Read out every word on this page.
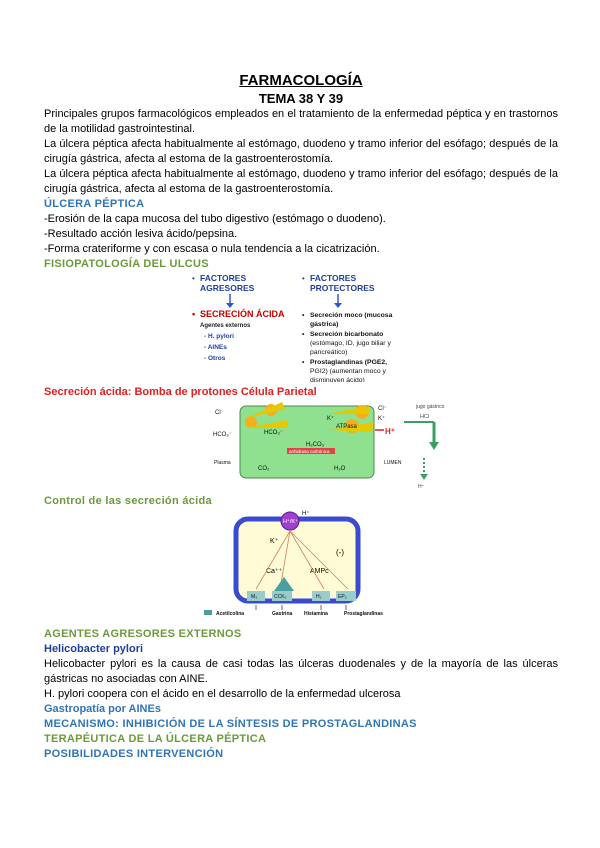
FARMACOLOGÍA
TEMA 38 Y 39

Principales grupos farmacológicos empleados en el tratamiento de la enfermedad péptica y en trastornos de la motilidad gastrointestinal.

La úlcera péptica afecta habitualmente al estómago, duodeno y tramo inferior del esófago; después de la cirugía gástrica, afecta al estoma de la gastroenterostomía.

La úlcera péptica afecta habitualmente al estómago, duodeno y tramo inferior del esófago; después de la cirugía gástrica, afecta al estoma de la gastroenterostomía.

ÚLCERA PÉPTICA

-Erosión de la capa mucosa del tubo digestivo (estómago o duodeno).

-Resultado acción lesiva ácido/pepsina.

-Forma crateriforme y con escasa o nula tendencia a la cicatrización.

FISIOPATOLOGÍA DEL ULCUS
FACTORES
AGRESORES
FACTORES
PROTECTORES
•	•
• SECRECIÓN ÁCIDA
Agentes externos
- H. pylori
- AINEs
- Otros
• Secreción moco (mucosa
gástrica)
• Secreción bicarbonato
(estómago, ID, jugo biliar y
pancreático)
• Prostaglandinas (PGE2,
PGI2) (aumentan moco y
disminuyen ácido)
Secreción ácida: Bomba de protones Célula Parietal
Cl⁻
Cl⁻
HCO₃⁻	HCO₃⁻
H₂CO₃
ATPasa
K⁺	K⁺
CO₂	H₂O
Plasma	LUMEN
anhidrasa carbónica
H⁺
jugo gástrico
HCl
H⁺
Control de las secreción ácida
H⁺/K⁺
H⁺
K⁺
Ca⁺⁺	AMPc
(-)
M₃	CCK₂	H₂	EP₃
Acetilcolina	Gastrina Histamina	Prostaglandinas
AGENTES AGRESORES EXTERNOS
Helicobacter pylori

Helicobacter pylori es la causa de casi todas las úlceras duodenales y de la mayoría de las úlceras gástricas no asociadas con AINE.

H. pylori coopera con el ácido en el desarrollo de la enfermedad ulcerosa

Gastropatía por AINEs
MECANISMO: INHIBICIÓN DE LA SÍNTESIS DE PROSTAGLANDINAS
TERAPÉUTICA DE LA ÚLCERA PÉPTICA
POSIBILIDADES INTERVENCIÓN
